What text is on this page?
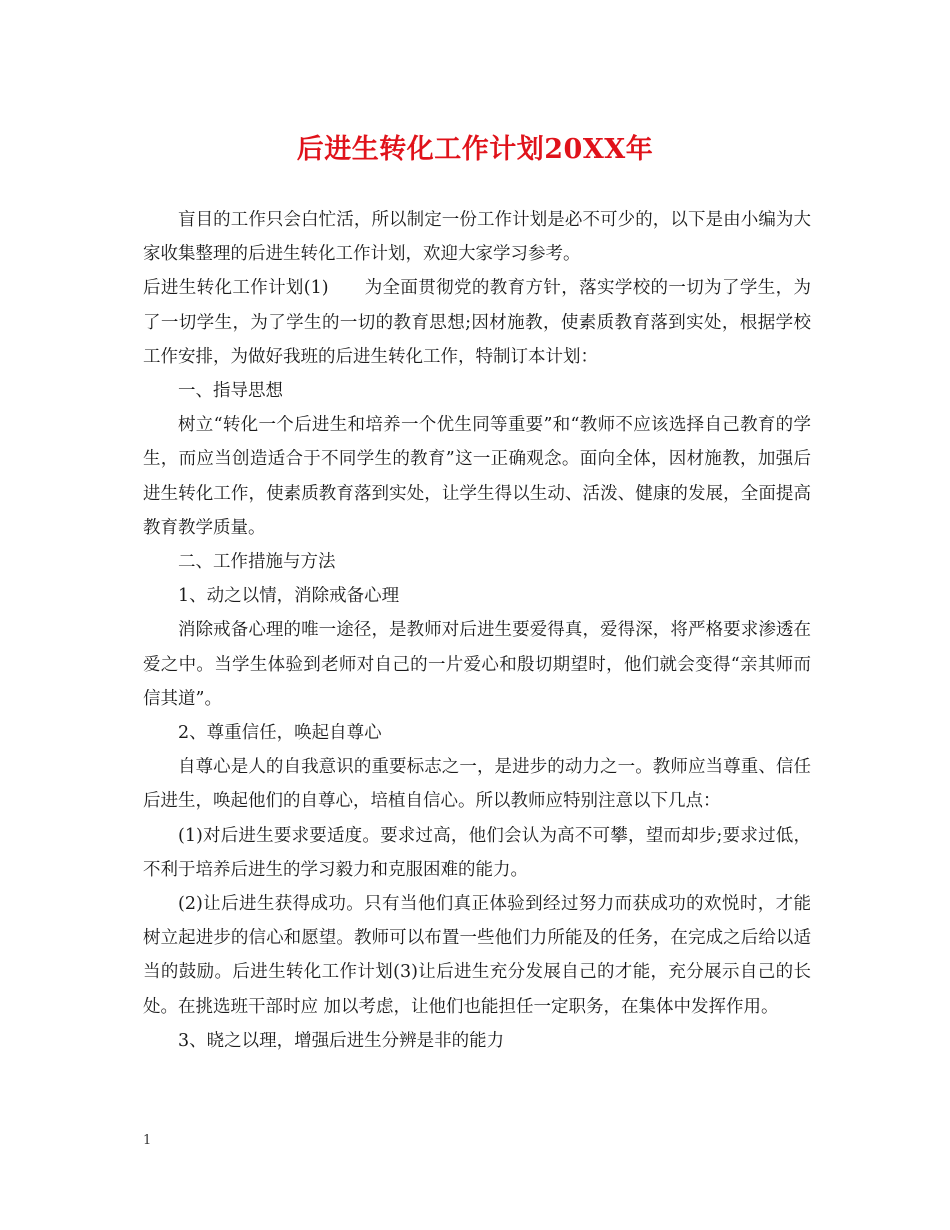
后进生转化工作计划20XX年

盲目的工作只会白忙活，所以制定一份工作计划是必不可少的，以下是由小编为大家收集整理的后进生转化工作计划，欢迎大家学习参考。

后进生转化工作计划(1)　　为全面贯彻党的教育方针，落实学校的一切为了学生，为了一切学生，为了学生的一切的教育思想;因材施教，使素质教育落到实处，根据学校工作安排，为做好我班的后进生转化工作，特制订本计划：

一、指导思想

树立“转化一个后进生和培养一个优生同等重要”和“教师不应该选择自己教育的学生，而应当创造适合于不同学生的教育”这一正确观念。面向全体，因材施教，加强后进生转化工作，使素质教育落到实处，让学生得以生动、活泼、健康的发展，全面提高教育教学质量。

二、工作措施与方法

1、动之以情，消除戒备心理

消除戒备心理的唯一途径，是教师对后进生要爱得真，爱得深，将严格要求渗透在爱之中。当学生体验到老师对自己的一片爱心和殷切期望时，他们就会变得“亲其师而信其道”。

2、尊重信任，唤起自尊心

自尊心是人的自我意识的重要标志之一，是进步的动力之一。教师应当尊重、信任后进生，唤起他们的自尊心，培植自信心。所以教师应特别注意以下几点：

(1)对后进生要求要适度。要求过高，他们会认为高不可攀，望而却步;要求过低，不利于培养后进生的学习毅力和克服困难的能力。

(2)让后进生获得成功。只有当他们真正体验到经过努力而获成功的欢悦时，才能树立起进步的信心和愿望。教师可以布置一些他们力所能及的任务，在完成之后给以适当的鼓励。后进生转化工作计划(3)让后进生充分发展自己的才能，充分展示自己的长处。在挑选班干部时应 加以考虑，让他们也能担任一定职务，在集体中发挥作用。

3、晓之以理，增强后进生分辨是非的能力

1
